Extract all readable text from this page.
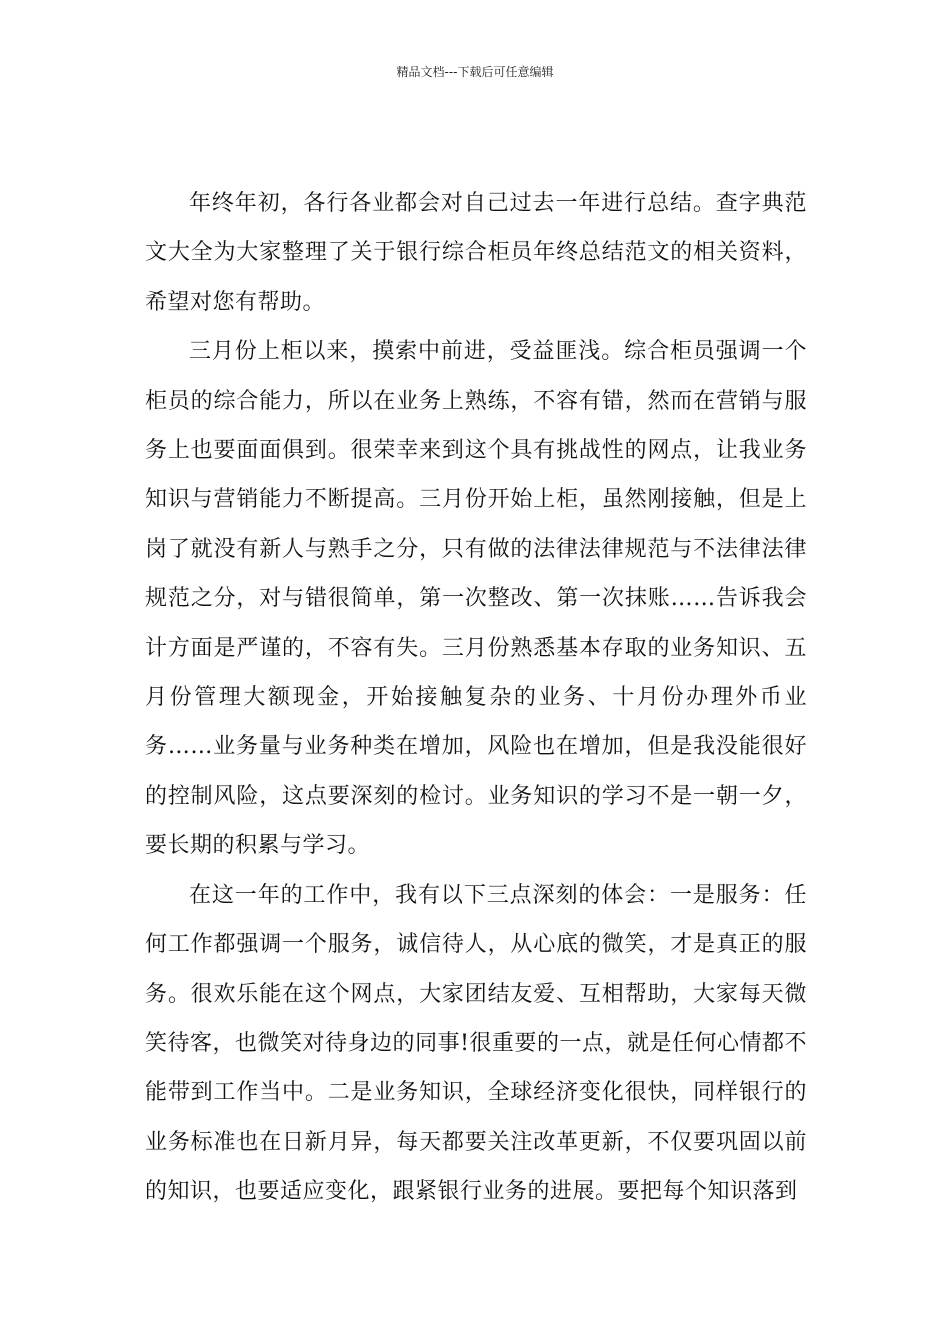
精品文档---下载后可任意编辑

年终年初，各行各业都会对自己过去一年进行总结。查字典范文大全为大家整理了关于银行综合柜员年终总结范文的相关资料，希望对您有帮助。

三月份上柜以来，摸索中前进，受益匪浅。综合柜员强调一个柜员的综合能力，所以在业务上熟练，不容有错，然而在营销与服务上也要面面俱到。很荣幸来到这个具有挑战性的网点，让我业务知识与营销能力不断提高。三月份开始上柜，虽然刚接触，但是上岗了就没有新人与熟手之分，只有做的法律法律规范与不法律法律规范之分，对与错很简单，第一次整改、第一次抹账……告诉我会计方面是严谨的，不容有失。三月份熟悉基本存取的业务知识、五月份管理大额现金，开始接触复杂的业务、十月份办理外币业务……业务量与业务种类在增加，风险也在增加，但是我没能很好的控制风险，这点要深刻的检讨。业务知识的学习不是一朝一夕，要长期的积累与学习。

在这一年的工作中，我有以下三点深刻的体会：一是服务：任何工作都强调一个服务，诚信待人，从心底的微笑，才是真正的服务。很欢乐能在这个网点，大家团结友爱、互相帮助，大家每天微笑待客，也微笑对待身边的同事!很重要的一点，就是任何心情都不能带到工作当中。二是业务知识，全球经济变化很快，同样银行的业务标准也在日新月异，每天都要关注改革更新，不仅要巩固以前的知识，也要适应变化，跟紧银行业务的进展。要把每个知识落到
